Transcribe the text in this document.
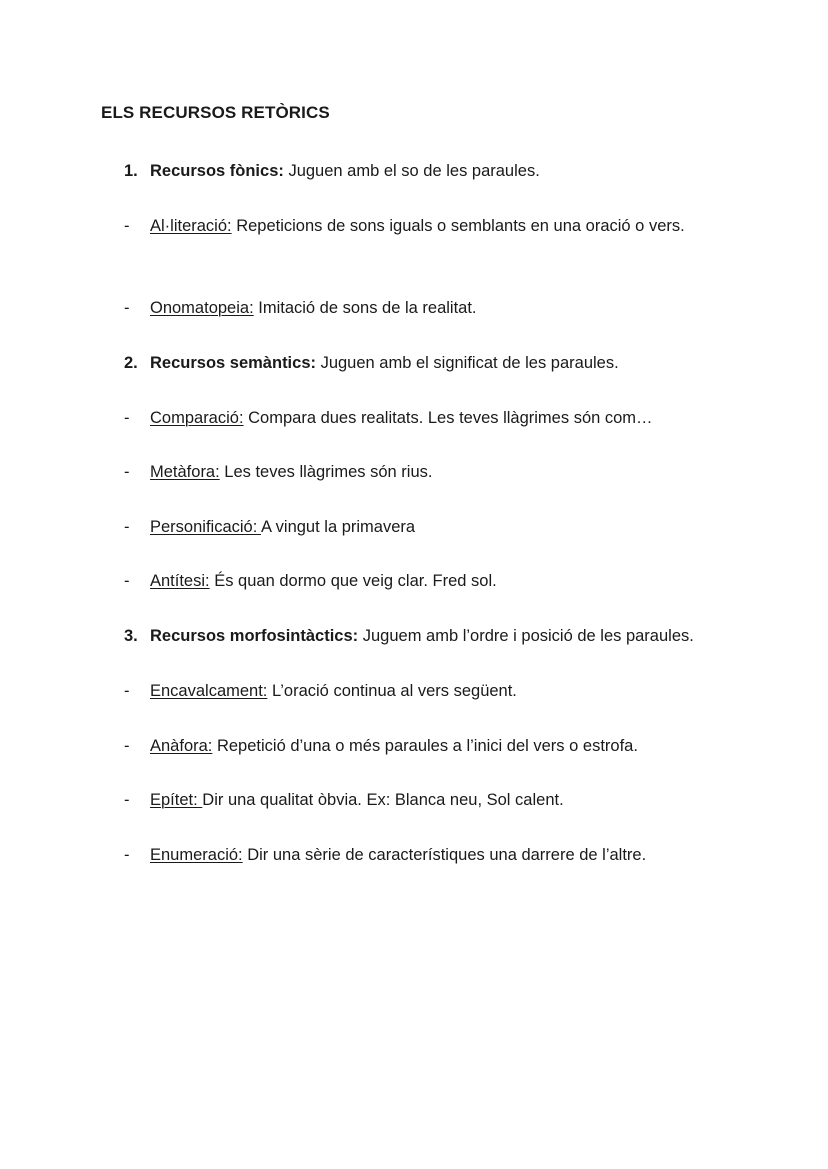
ELS RECURSOS RETÒRICS
1. Recursos fònics: Juguen amb el so de les paraules.
-	Al·literació: Repeticions de sons iguals o semblants en una oració o vers.
-	Onomatopeia: Imitació de sons de la realitat.
2. Recursos semàntics: Juguen amb el significat de les paraules.
-	Comparació: Compara dues realitats. Les teves llàgrimes són com…
-	Metàfora: Les teves llàgrimes són rius.
-	Personificació: A vingut la primavera
-	Antítesi: És quan dormo que veig clar. Fred sol.
3. Recursos morfosintàctics: Juguem amb l’ordre i posició de les paraules.
-	Encavalcament: L’oració continua al vers següent.
-	Anàfora: Repetició d’una o més paraules a l’inici del vers o estrofa.
-	Epítet: Dir una qualitat òbvia. Ex: Blanca neu, Sol calent.
-	Enumeració: Dir una sèrie de característiques una darrere de l’altre.
